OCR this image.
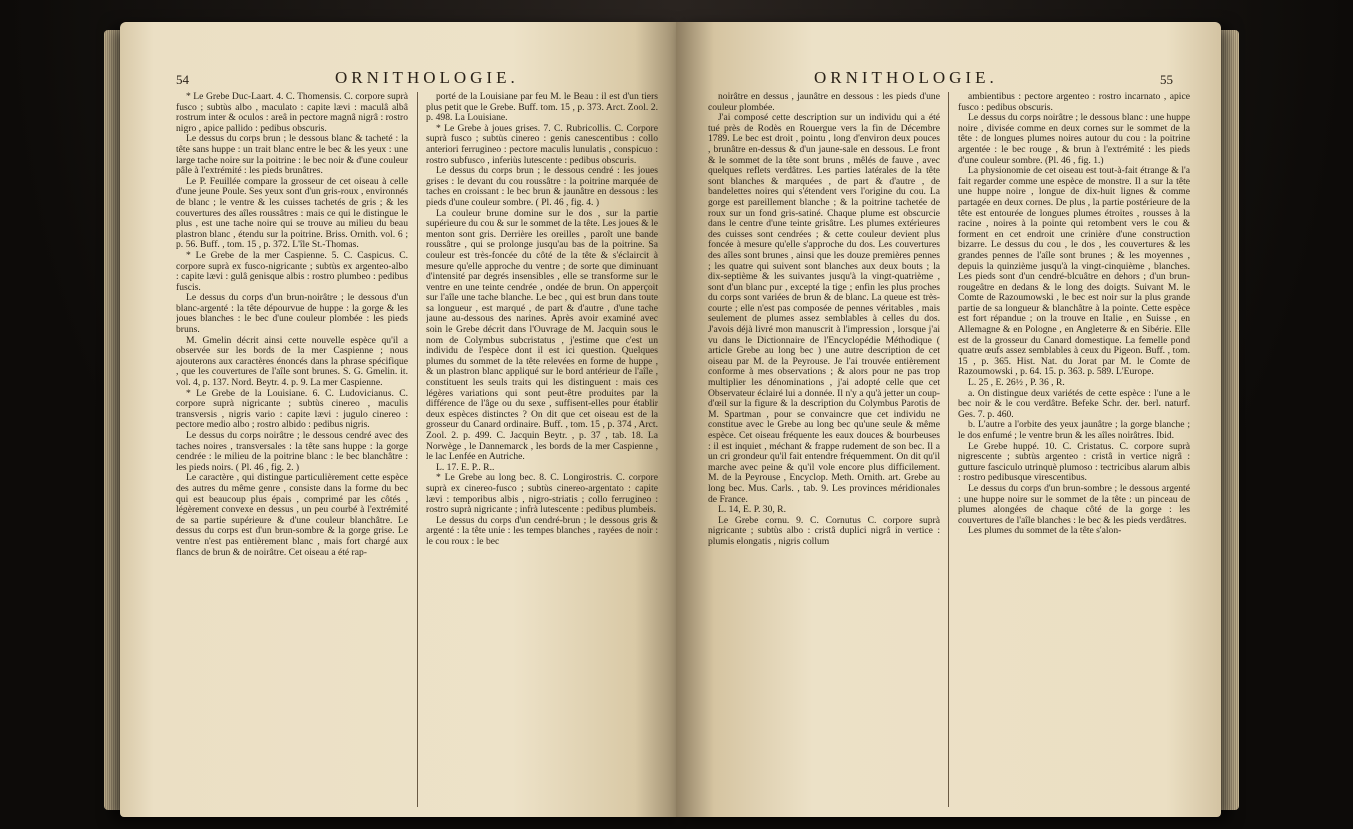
54	ORNITHOLOGIE.

* Le Grebe Duc-Laart. 4. C. Thomensis. C. corpore suprà fusco ; subtùs albo , maculato : capite lævi : maculâ albâ rostrum inter & oculos : areâ in pectore magnâ nigrâ : rostro nigro , apice pallido : pedibus obscuris.

Le dessus du corps brun ; le dessous blanc & tacheté : la tête sans huppe : un trait blanc entre le bec & les yeux : une large tache noire sur la poitrine : le bec noir & d'une couleur pâle à l'extrémité : les pieds brunâtres.

Le P. Feuillée compare la grosseur de cet oiseau à celle d'une jeune Poule. Ses yeux sont d'un gris-roux , environnés de blanc ; le ventre & les cuisses tachetés de gris ; & les couvertures des aîles roussâtres : mais ce qui le distingue le plus , est une tache noire qui se trouve au milieu du beau plastron blanc , étendu sur la poitrine. Briss. Ornith. vol. 6 ; p. 56. Buff. , tom. 15 , p. 372. L'île St.-Thomas.

* Le Grebe de la mer Caspienne. 5. C. Caspicus. C. corpore suprà ex fusco-nigricante ; subtùs ex argenteo-albo : capite lævi : gulâ genisque albis : rostro plumbeo : pedibus fuscis.

Le dessus du corps d'un brun-noirâtre ; le dessous d'un blanc-argenté : la tête dépourvue de huppe : la gorge & les joues blanches : le bec d'une couleur plombée : les pieds bruns.

M. Gmelin décrit ainsi cette nouvelle espèce qu'il a observée sur les bords de la mer Caspienne ; nous ajouterons aux caractères énoncés dans la phrase spécifique , que les couvertures de l'aîle sont brunes. S. G. Gmelin. it. vol. 4, p. 137. Nord. Beytr. 4. p. 9. La mer Caspienne.

* Le Grebe de la Louisiane. 6. C. Ludovicianus. C. corpore suprà nigricante ; subtùs cinereo , maculis transversis , nigris vario : capite lævi : jugulo cinereo : pectore medio albo ; rostro albido : pedibus nigris.

Le dessus du corps noirâtre ; le dessous cendré avec des taches noires , transversales : la tête sans huppe : la gorge cendrée : le milieu de la poitrine blanc : le bec blanchâtre : les pieds noirs. ( Pl. 46 , fig. 2. )

Le caractère , qui distingue particulièrement cette espèce des autres du même genre , consiste dans la forme du bec qui est beaucoup plus épais , comprimé par les côtés , légèrement convexe en dessus , un peu courbé à l'extrémité de sa partie supérieure & d'une couleur blanchâtre. Le dessus du corps est d'un brun-sombre & la gorge grise. Le ventre n'est pas entièrement blanc , mais fort chargé aux flancs de brun & de noirâtre. Cet oiseau a été rap-

porté de la Louisiane par feu M. le Beau : il est d'un tiers plus petit que le Grebe. Buff. tom. 15 , p. 373. Arct. Zool. 2. p. 498. La Louisiane.

* Le Grebe à joues grises. 7. C. Rubricollis. C. Corpore suprà fusco ; subtùs cinereo : genis canescentibus : collo anteriori ferrugineo : pectore maculis lunulatis , conspicuo : rostro subfusco , inferiùs lutescente : pedibus obscuris.

Le dessus du corps brun ; le dessous cendré : les joues grises : le devant du cou roussâtre : la poitrine marquée de taches en croissant : le bec brun & jaunâtre en dessous : les pieds d'une couleur sombre. ( Pl. 46 , fig. 4. )

La couleur brune domine sur le dos , sur la partie supérieure du cou & sur le sommet de la tête. Les joues & le menton sont gris. Derrière les oreilles , paroît une bande roussâtre , qui se prolonge jusqu'au bas de la poitrine. Sa couleur est très-foncée du côté de la tête & s'éclaircit à mesure qu'elle approche du ventre ; de sorte que diminuant d'intensité par degrés insensibles , elle se transforme sur le ventre en une teinte cendrée , ondée de brun. On apperçoit sur l'aîle une tache blanche. Le bec , qui est brun dans toute sa longueur , est marqué , de part & d'autre , d'une tache jaune au-dessous des narines. Après avoir examiné avec soin le Grebe décrit dans l'Ouvrage de M. Jacquin sous le nom de Colymbus subcristatus , j'estime que c'est un individu de l'espèce dont il est ici question. Quelques plumes du sommet de la tête relevées en forme de huppe , & un plastron blanc appliqué sur le bord antérieur de l'aîle , constituent les seuls traits qui les distinguent : mais ces légères variations qui sont peut-être produites par la différence de l'âge ou du sexe , suffisent-elles pour établir deux espèces distinctes ? On dit que cet oiseau est de la grosseur du Canard ordinaire. Buff. , tom. 15 , p. 374 , Arct. Zool. 2. p. 499. C. Jacquin Beytr. , p. 37 , tab. 18. La Norwège , le Dannemarck , les bords de la mer Caspienne , le lac Lenfée en Autriche.

L. 17. E. P.. R..

* Le Grebe au long bec. 8. C. Longirostris. C. corpore suprà ex cinereo-fusco ; subtùs cinereo-argentato : capite lævi : temporibus albis , nigro-striatis ; collo ferrugineo : rostro suprà nigricante ; infrà lutescente : pedibus plumbeis.

Le dessus du corps d'un cendré-brun ; le dessous gris & argenté : la tête unie : les tempes blanches , rayées de noir : le cou roux : le bec

ORNITHOLOGIE.	55

noirâtre en dessus , jaunâtre en dessous : les pieds d'une couleur plombée.

J'ai composé cette description sur un individu qui a été tué près de Rodès en Rouergue vers la fin de Décembre 1789. Le bec est droit , pointu , long d'environ deux pouces , brunâtre en-dessus & d'un jaune-sale en dessous. Le front & le sommet de la tête sont bruns , mêlés de fauve , avec quelques reflets verdâtres. Les parties latérales de la tête sont blanches & marquées , de part & d'autre , de bandelettes noires qui s'étendent vers l'origine du cou. La gorge est pareillement blanche ; & la poitrine tachetée de roux sur un fond gris-satiné. Chaque plume est obscurcie dans le centre d'une teinte grisâtre. Les plumes extérieures des cuisses sont cendrées ; & cette couleur devient plus foncée à mesure qu'elle s'approche du dos. Les couvertures des aîles sont brunes , ainsi que les douze premières pennes ; les quatre qui suivent sont blanches aux deux bouts ; la dix-septième & les suivantes jusqu'à la vingt-quatrième , sont d'un blanc pur , excepté la tige ; enfin les plus proches du corps sont variées de brun & de blanc. La queue est très-courte ; elle n'est pas composée de pennes véritables , mais seulement de plumes assez semblables à celles du dos. J'avois déjà livré mon manuscrit à l'impression , lorsque j'ai vu dans le Dictionnaire de l'Encyclopédie Méthodique ( article Grebe au long bec ) une autre description de cet oiseau par M. de la Peyrouse. Je l'ai trouvée entièrement conforme à mes observations ; & alors pour ne pas trop multiplier les dénominations , j'ai adopté celle que cet Observateur éclairé lui a donnée. Il n'y a qu'à jetter un coup-d'œil sur la figure & la description du Colymbus Parotis de M. Spartman , pour se convaincre que cet individu ne constitue avec le Grebe au long bec qu'une seule & même espèce. Cet oiseau fréquente les eaux douces & bourbeuses : il est inquiet , méchant & frappe rudement de son bec. Il a un cri grondeur qu'il fait entendre fréquemment. On dit qu'il marche avec peine & qu'il vole encore plus difficilement. M. de la Peyrouse , Encyclop. Meth. Ornith. art. Grebe au long bec. Mus. Carls. , tab. 9. Les provinces méridionales de France.

L. 14, E. P. 30, R.

Le Grebe cornu. 9. C. Cornutus C. corpore suprà nigricante ; subtùs albo : cristâ duplici nigrâ in vertice : plumis elongatis , nigris collum

ambientibus : pectore argenteo : rostro incarnato , apice fusco : pedibus obscuris.

Le dessus du corps noirâtre ; le dessous blanc : une huppe noire , divisée comme en deux cornes sur le sommet de la tête : de longues plumes noires autour du cou : la poitrine argentée : le bec rouge , & brun à l'extrémité : les pieds d'une couleur sombre. (Pl. 46 , fig. 1.)

La physionomie de cet oiseau est tout-à-fait étrange & l'a fait regarder comme une espèce de monstre. Il a sur la tête une huppe noire , longue de dix-huit lignes & comme partagée en deux cornes. De plus , la partie postérieure de la tête est entourée de longues plumes étroites , rousses à la racine , noires à la pointe qui retombent vers le cou & forment en cet endroit une crinière d'une construction bizarre. Le dessus du cou , le dos , les couvertures & les grandes pennes de l'aîle sont brunes ; & les moyennes , depuis la quinzième jusqu'à la vingt-cinquième , blanches. Les pieds sont d'un cendré-blcuâtre en dehors ; d'un brun-rougeâtre en dedans & le long des doigts. Suivant M. le Comte de Razoumowski , le bec est noir sur la plus grande partie de sa longueur & blanchâtre à la pointe. Cette espèce est fort répandue ; on la trouve en Italie , en Suisse , en Allemagne & en Pologne , en Angleterre & en Sibérie. Elle est de la grosseur du Canard domestique. La femelle pond quatre œufs assez semblables à ceux du Pigeon. Buff. , tom. 15 , p. 365. Hist. Nat. du Jorat par M. le Comte de Razoumowski , p. 64. 15. p. 363. p. 589. L'Europe.

L. 25 , E. 26½ , P. 36 , R.

a. On distingue deux variétés de cette espèce : l'une a le bec noir & le cou verdâtre. Befeke Schr. der. berl. naturf. Ges. 7. p. 460.

b. L'autre a l'orbite des yeux jaunâtre ; la gorge blanche ; le dos enfumé ; le ventre brun & les aîles noirâtres. Ibid.

Le Grebe huppé. 10. C. Cristatus. C. corpore suprà nigrescente ; subtùs argenteo : cristâ in vertice nigrâ : gutture fasciculo utrinquè plumoso : tectricibus alarum albis : rostro pedibusque virescentibus.

Le dessus du corps d'un brun-sombre ; le dessous argenté : une huppe noire sur le sommet de la tête : un pinceau de plumes alongées de chaque côté de la gorge : les couvertures de l'aîle blanches : le bec & les pieds verdâtres.

Les plumes du sommet de la tête s'alon-
